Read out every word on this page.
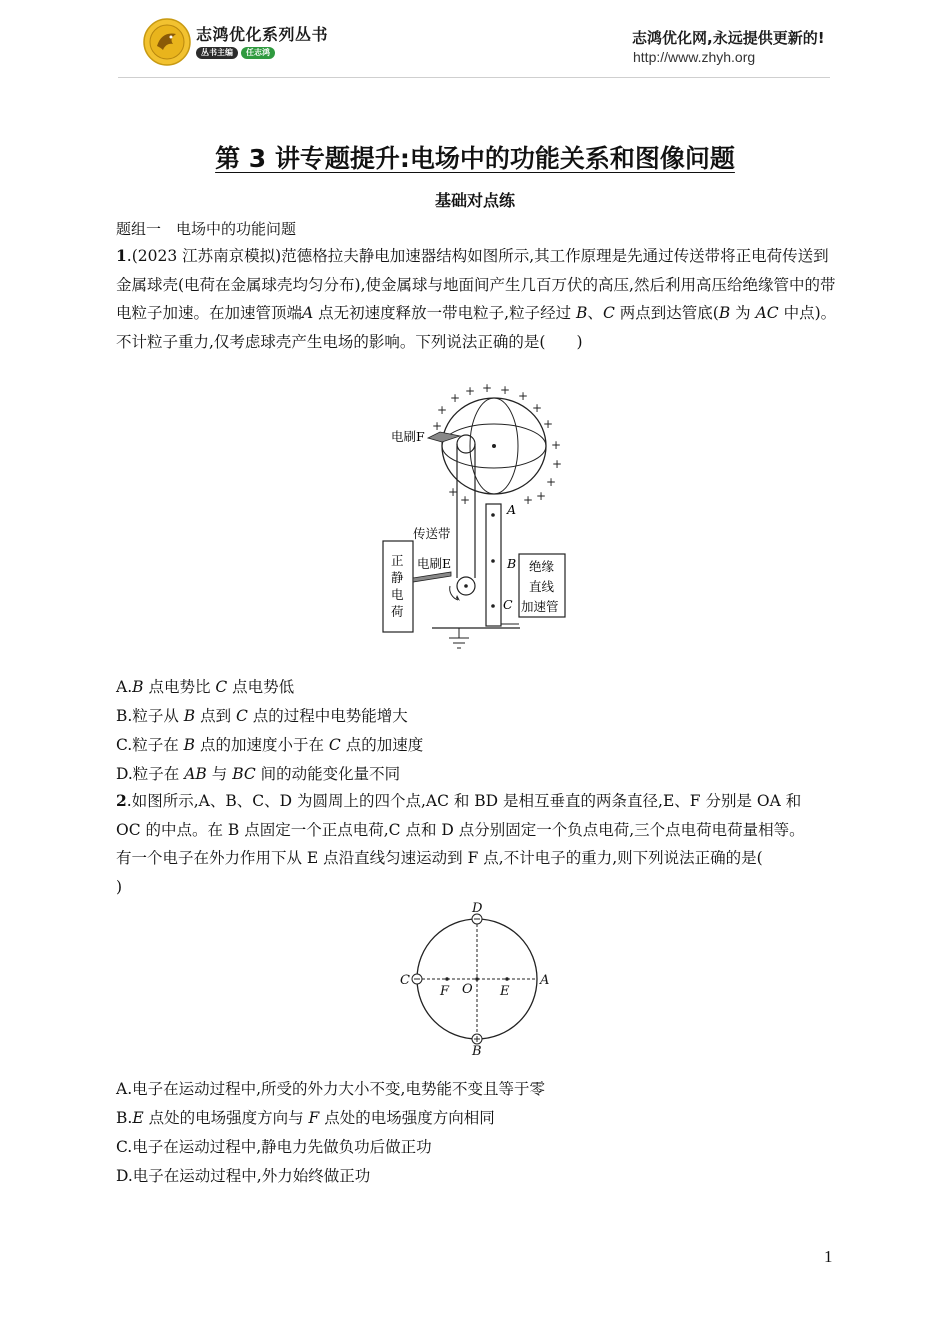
志鸿优化系列丛书
丛书主编	任志鸿
志鸿优化网,永远提供更新的!
http://www.zhyh.org
第 3 讲专题提升:电场中的功能关系和图像问题
基础对点练
题组一　电场中的功能问题
1.(2023 江苏南京模拟)范德格拉夫静电加速器结构如图所示,其工作原理是先通过传送带将正电荷传送到金属球壳(电荷在金属球壳均匀分布),使金属球与地面间产生几百万伏的高压,然后利用高压给绝缘管中的带电粒子加速。在加速管顶端A 点无初速度释放一带电粒子,粒子经过 B、C 两点到达管底(B 为 AC 中点)。不计粒子重力,仅考虑球壳产生电场的影响。下列说法正确的是(　　)
+ +
+	+
+
+
+
+
+
+
+
+
+
+
+
+
电刷F
传送带
A
B
C
绝缘
直线
加速管
正
静
电
荷
电刷E
A.B 点电势比 C 点电势低
B.粒子从 B 点到 C 点的过程中电势能增大
C.粒子在 B 点的加速度小于在 C 点的加速度
D.粒子在 AB 与 BC 间的动能变化量不同
2.如图所示,A、B、C、D 为圆周上的四个点,AC 和 BD 是相互垂直的两条直径,E、F 分别是 OA 和
OC 的中点。在 B 点固定一个正点电荷,C 点和 D 点分别固定一个负点电荷,三个点电荷电荷量相等。
有一个电子在外力作用下从 E 点沿直线匀速运动到 F 点,不计电子的重力,则下列说法正确的是(
)
D
C	A
B
F O E
A.电子在运动过程中,所受的外力大小不变,电势能不变且等于零
B.E 点处的电场强度方向与 F 点处的电场强度方向相同
C.电子在运动过程中,静电力先做负功后做正功
D.电子在运动过程中,外力始终做正功
1
